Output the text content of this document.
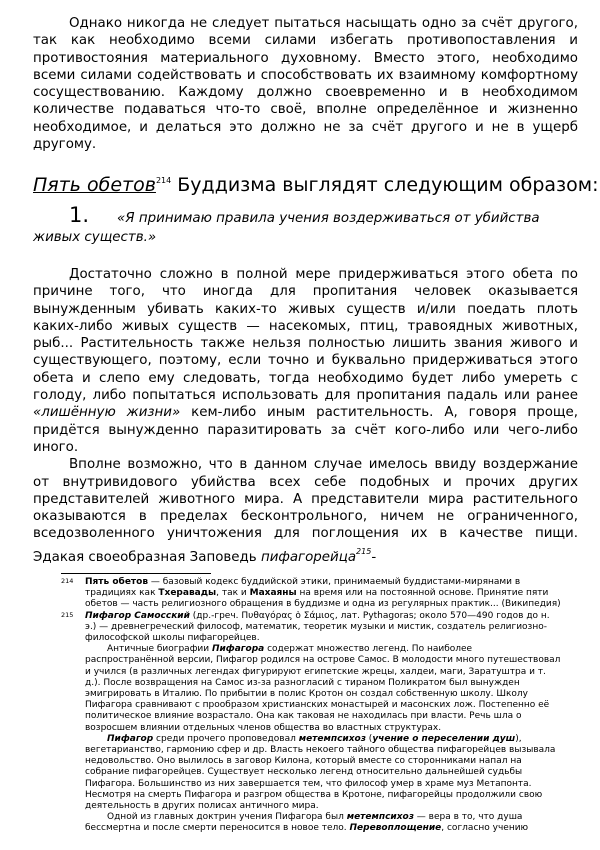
Однако никогда не следует пытаться насыщать одно за счёт другого, так как необходимо всеми силами избегать противопоставления и противостояния материального духовному. Вместо этого, необходимо всеми силами содействовать и способствовать их взаимному комфортному сосуществованию. Каждому должно своевременно и в необходимом количестве подаваться что-то своё, вполне определённое и жизненно необходимое, и делаться это должно не за счёт другого и не в ущерб другому.

Пять обетов$^{214}$ Буддизма выглядят следующим образом:
1. «Я принимаю правила учения воздерживаться от убийства живых существ.»

Достаточно сложно в полной мере придерживаться этого обета по причине того, что иногда для пропитания человек оказывается вынужденным убивать каких-то живых существ и/или поедать плоть каких-либо живых существ — насекомых, птиц, травоядных животных, рыб... Растительность также нельзя полностью лишить звания живого и существующего, поэтому, если точно и буквально придерживаться этого обета и слепо ему следовать, тогда необходимо будет либо умереть с голоду, либо попытаться использовать для пропитания падаль или ранее «лишённую жизни» кем-либо иным растительность. А, говоря проще, придётся вынужденно паразитировать за счёт кого-либо или чего-либо иного.

Вполне возможно, что в данном случае имелось ввиду воздержание от внутривидового убийства всех себе подобных и прочих других представителей животного мира. А представители мира растительного оказываются в пределах бесконтрольного, ничем не ограниченного, вседозволенного уничтожения для поглощения их в качестве пищи. Эдакая своеобразная Заповедь пифагорейца$^{215}$-

214	Пять обетов — базовый кодекс буддийской этики, принимаемый буддистами-мирянами в традициях как Тхеравады, так и Махаяны на время или на постоянной основе. Принятие пяти обетов — часть религиозного обращения в буддизме и одна из регулярных практик... (Википедия)
215	Пифагор Самосский (др.-греч. Πυθαγόρας ὁ Σάμιος, лат. Pythagoras; около 570—490 годов до н. э.) — древнегреческий философ, математик, теоретик музыки и мистик, создатель религиозно-философской школы пифагорейцев.

Античные биографии Пифагора содержат множество легенд. По наиболее распространённой версии, Пифагор родился на острове Самос. В молодости много путешествовал и учился (в различных легендах фигурируют египетские жрецы, халдеи, маги, Заратуштра и т. д.). После возвращения на Самос из-за разногласий с тираном Поликратом был вынужден эмигрировать в Италию. По прибытии в полис Кротон он создал собственную школу. Школу Пифагора сравнивают с прообразом христианских монастырей и масонских лож. Постепенно её политическое влияние возрастало. Она как таковая не находилась при власти. Речь шла о возросшем влиянии отдельных членов общества во властных структурах.

Пифагор среди прочего проповедовал метемпсихоз (учение о переселении душ), вегетарианство, гармонию сфер и др. Власть некоего тайного общества пифагорейцев вызывала недовольство. Оно вылилось в заговор Килона, который вместе со сторонниками напал на собрание пифагорейцев. Существует несколько легенд относительно дальнейшей судьбы Пифагора. Большинство из них завершается тем, что философ умер в храме муз Метапонта. Несмотря на смерть Пифагора и разгром общества в Кротоне, пифагорейцы продолжили свою деятельность в других полисах античного мира.

Одной из главных доктрин учения Пифагора был метемпсихоз — вера в то, что душа бессмертна и после смерти переносится в новое тело. Перевоплощение, согласно учению
